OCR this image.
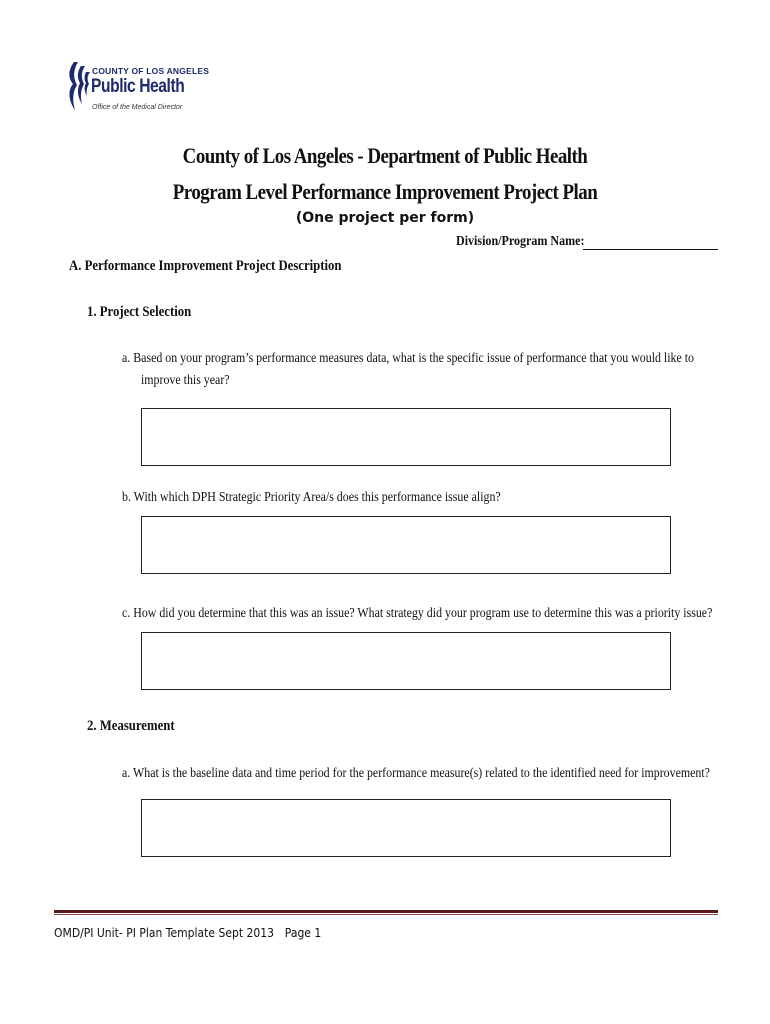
COUNTY OF LOS ANGELES
Public Health
Office of the Medical Director
County of Los Angeles - Department of Public Health
Program Level Performance Improvement Project Plan
(One project per form)
Division/Program Name:
A. Performance Improvement Project Description
1. Project Selection
a. Based on your program’s performance measures data, what is the specific issue of performance that you would like to
improve this year?
b. With which DPH Strategic Priority Area/s does this performance issue align?
c. How did you determine that this was an issue? What strategy did your program use to determine this was a priority issue?
2. Measurement
a. What is the baseline data and time period for the performance measure(s) related to the identified need for improvement?
OMD/PI Unit- PI Plan Template Sept 2013 Page 1
